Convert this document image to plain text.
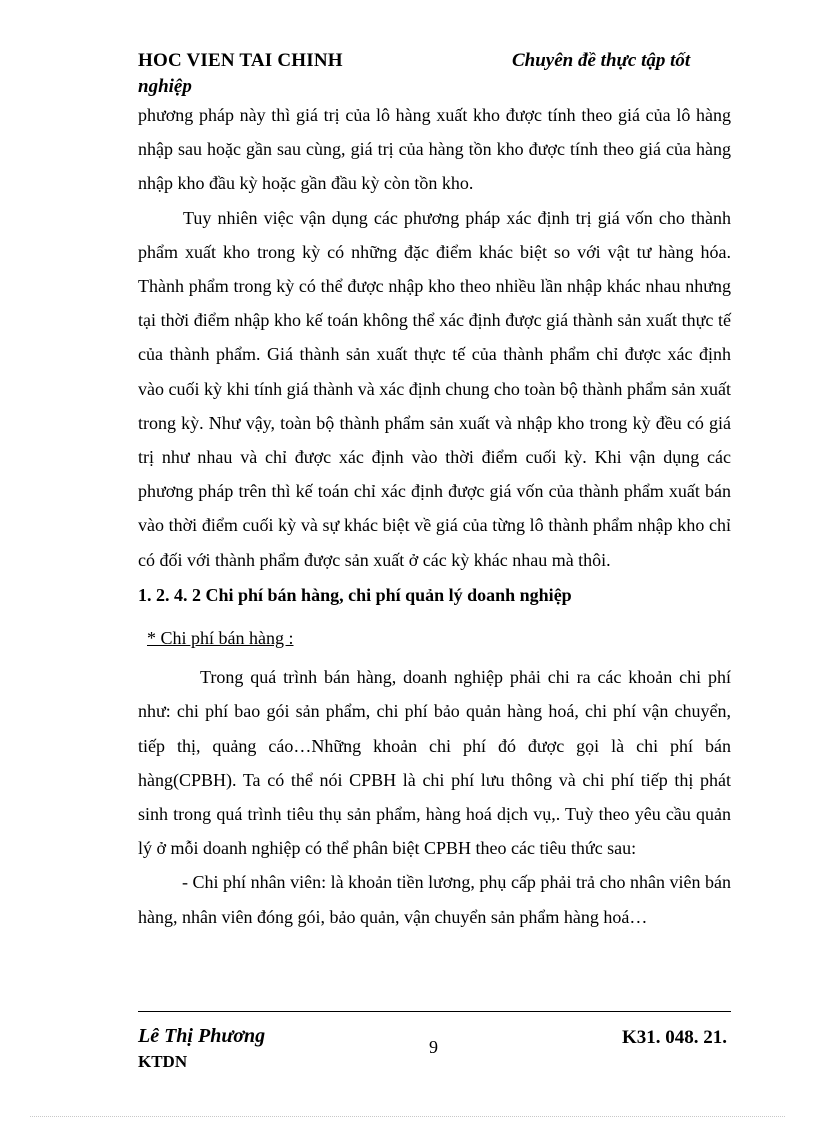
HOC VIEN TAI CHINH
nghiệp
Chuyên đề thực tập tốt

phương pháp này thì giá trị của lô hàng xuất kho được tính theo giá của lô hàng nhập sau hoặc gần sau cùng, giá trị của hàng tồn kho được tính theo giá của hàng nhập kho đầu kỳ hoặc gần đầu kỳ còn tồn kho.

Tuy nhiên việc vận dụng các phương pháp xác định trị giá vốn cho thành phẩm xuất kho trong kỳ có những đặc điểm khác biệt so với vật tư hàng hóa. Thành phẩm trong kỳ có thể được nhập kho theo nhiều lần nhập khác nhau nhưng tại thời điểm nhập kho kế toán không thể xác định được giá thành sản xuất thực tế của thành phẩm. Giá thành sản xuất thực tế của thành phẩm chỉ được xác định vào cuối kỳ khi tính giá thành và xác định chung cho toàn bộ thành phẩm sản xuất trong kỳ. Như vậy, toàn bộ thành phẩm sản xuất và nhập kho trong kỳ đều có giá trị như nhau và chỉ được xác định vào thời điểm cuối kỳ. Khi vận dụng các phương pháp trên thì kế toán chỉ xác định được giá vốn của thành phẩm xuất bán vào thời điểm cuối kỳ và sự khác biệt về giá của từng lô thành phẩm nhập kho chỉ có đối với thành phẩm được sản xuất ở các kỳ khác nhau mà thôi.

1. 2. 4. 2 Chi phí bán hàng, chi phí quản lý doanh nghiệp

* Chi phí bán hàng :

Trong quá trình bán hàng, doanh nghiệp phải chi ra các khoản chi phí như: chi phí bao gói sản phẩm, chi phí bảo quản hàng hoá, chi phí vận chuyển, tiếp thị, quảng cáo…Những khoản chi phí đó được gọi là chi phí bán hàng(CPBH). Ta có thể nói CPBH là chi phí lưu thông và chi phí tiếp thị phát sinh trong quá trình tiêu thụ sản phẩm, hàng hoá dịch vụ,. Tuỳ theo yêu cầu quản lý ở mỗi doanh nghiệp có thể phân biệt CPBH theo các tiêu thức sau:

- Chi phí nhân viên: là khoản tiền lương, phụ cấp phải trả cho nhân viên bán hàng, nhân viên đóng gói, bảo quản, vận chuyển sản phẩm hàng hoá…

Lê Thị Phương
KTDN
9	K31. 048. 21.
